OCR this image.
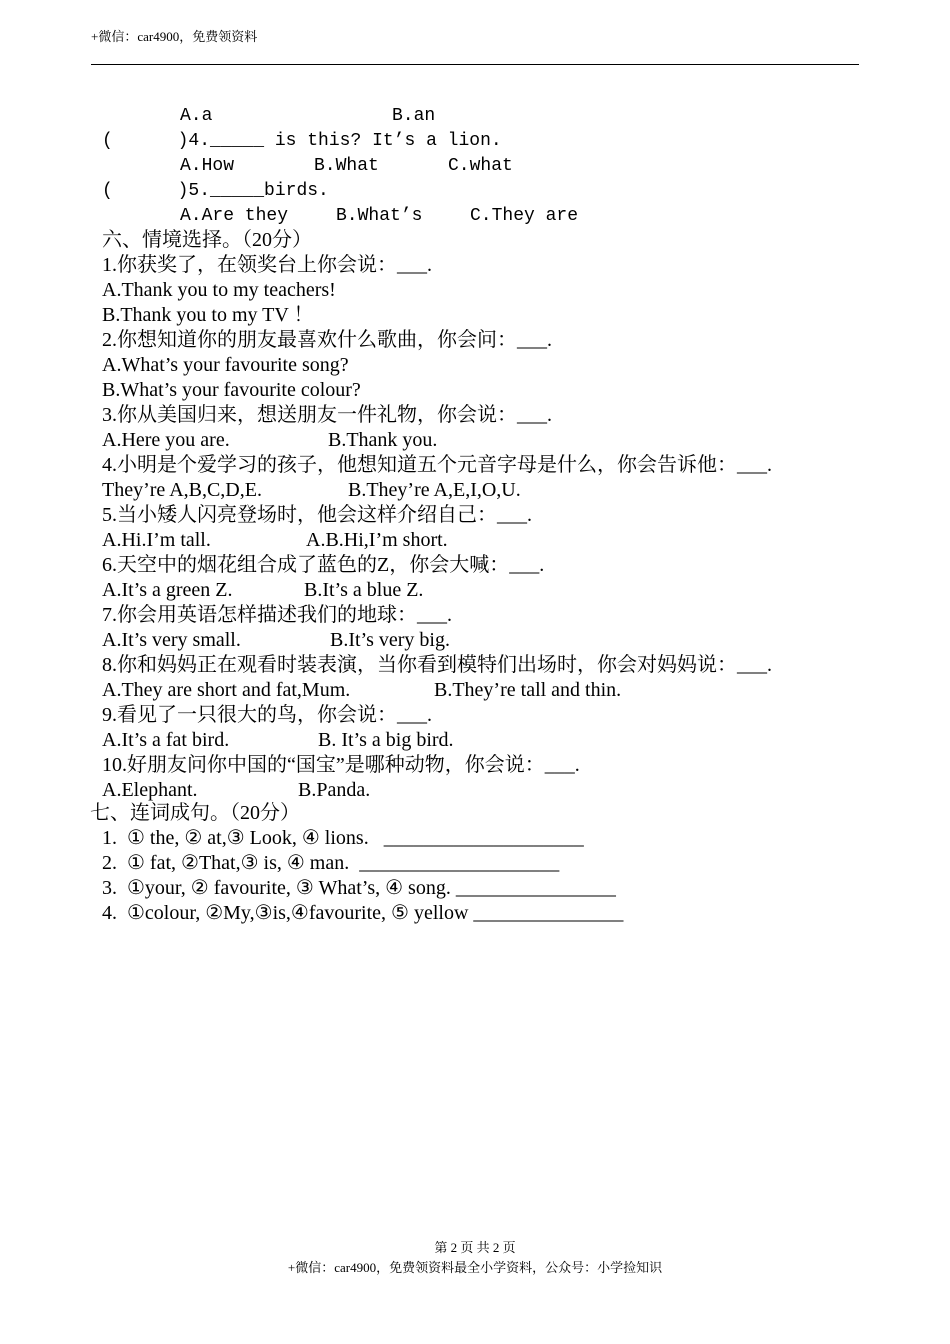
+微信：car4900，免费领资料
A.a	B.an
(      )4._____ is this? It’s a lion.
A.How	B.What	C.what
(      )5._____birds.
A.Are they	B.What’s	C.They are
六、情境选择。（20分）
1.你获奖了，在领奖台上你会说：___.
A.Thank you to my teachers!
B.Thank you to my TV ！
2.你想知道你的朋友最喜欢什么歌曲，你会问：___.
A.What’s your favourite song?
B.What’s your favourite colour?
3.你从美国归来，想送朋友一件礼物，你会说：___.
A.Here you are.	B.Thank you.
4.小明是个爱学习的孩子，他想知道五个元音字母是什么，你会告诉他：___.
They’re A,B,C,D,E.	B.They’re A,E,I,O,U.
5.当小矮人闪亮登场时，他会这样介绍自己：___.
A.Hi.I’m tall.	A.B.Hi,I’m short.
6.天空中的烟花组合成了蓝色的Z，你会大喊：___.
A.It’s a green Z.	B.It’s a blue Z.
7.你会用英语怎样描述我们的地球：___.
A.It’s very small.	B.It’s very big.
8.你和妈妈正在观看时装表演，当你看到模特们出场时，你会对妈妈说：___.
A.They are short and fat,Mum.	B.They’re tall and thin.
9.看见了一只很大的鸟，你会说：___.
A.It’s a fat bird.	B. It’s a big bird.
10.好朋友问你中国的“国宝”是哪种动物，你会说：___.
A.Elephant.	B.Panda.
七、连词成句。（20分）
1.  ① the, ② at,③ Look, ④ lions.   ____________________
2.  ① fat, ②That,③ is, ④ man.  ____________________
3.  ①your, ② favourite, ③ What’s, ④ song. ________________
4.  ①colour, ②My,③is,④favourite, ⑤ yellow _______________
第 2 页 共 2 页
+微信：car4900，免费领资料最全小学资料，公众号：小学捡知识
